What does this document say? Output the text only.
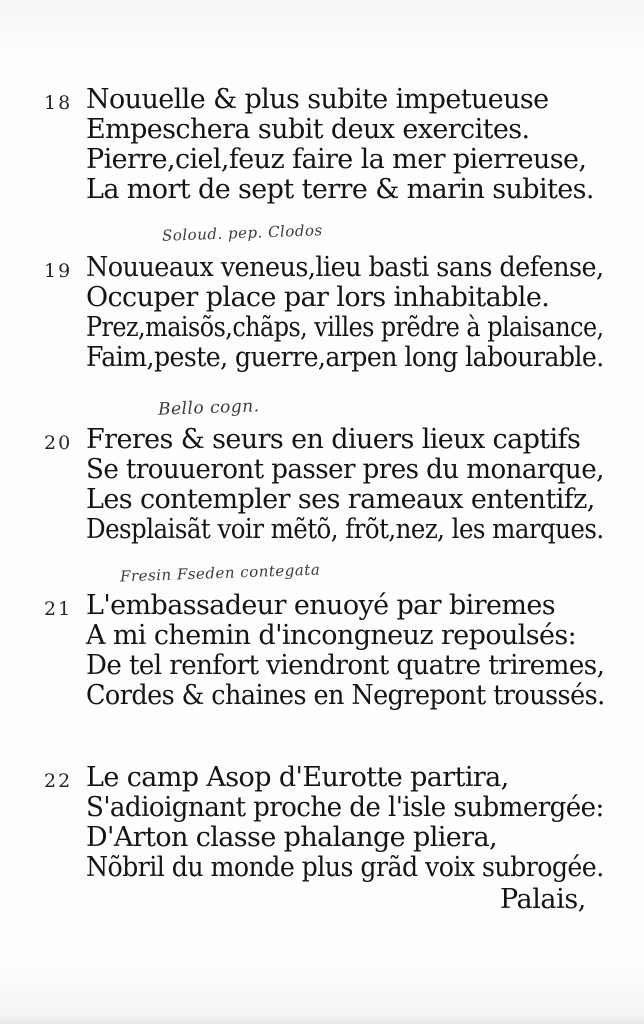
18 Nouuelle & plus subite impetueuse
Empeschera subit deux exercites.
Pierre,ciel,feuz faire la mer pierreuse,
La mort de sept terre & marin subites.
Soloud. pep. Clodos
19 Nouueaux veneus,lieu basti sans defense,
Occuper place par lors inhabitable.
Prez,maisõs,chãps, villes prẽdre à plaisance,
Faim,peste, guerre,arpen long labourable.
Bello cogn.
20 Freres & seurs en diuers lieux captifs
Se trouueront passer pres du monarque,
Les contempler ses rameaux ententifz,
Desplaisãt voir mẽtõ, frõt,nez, les marques.
Fresin Fseden contegata
21 L'embassadeur enuoyé par biremes
A mi chemin d'incongneuz repoulsés:
De tel renfort viendront quatre triremes,
Cordes & chaines en Negrepont troussés.
22 Le camp Asop d'Eurotte partira,
S'adioignant proche de l'isle submergée:
D'Arton classe phalange pliera,
Nõbril du monde plus grãd voix subrogée.
Palais,
